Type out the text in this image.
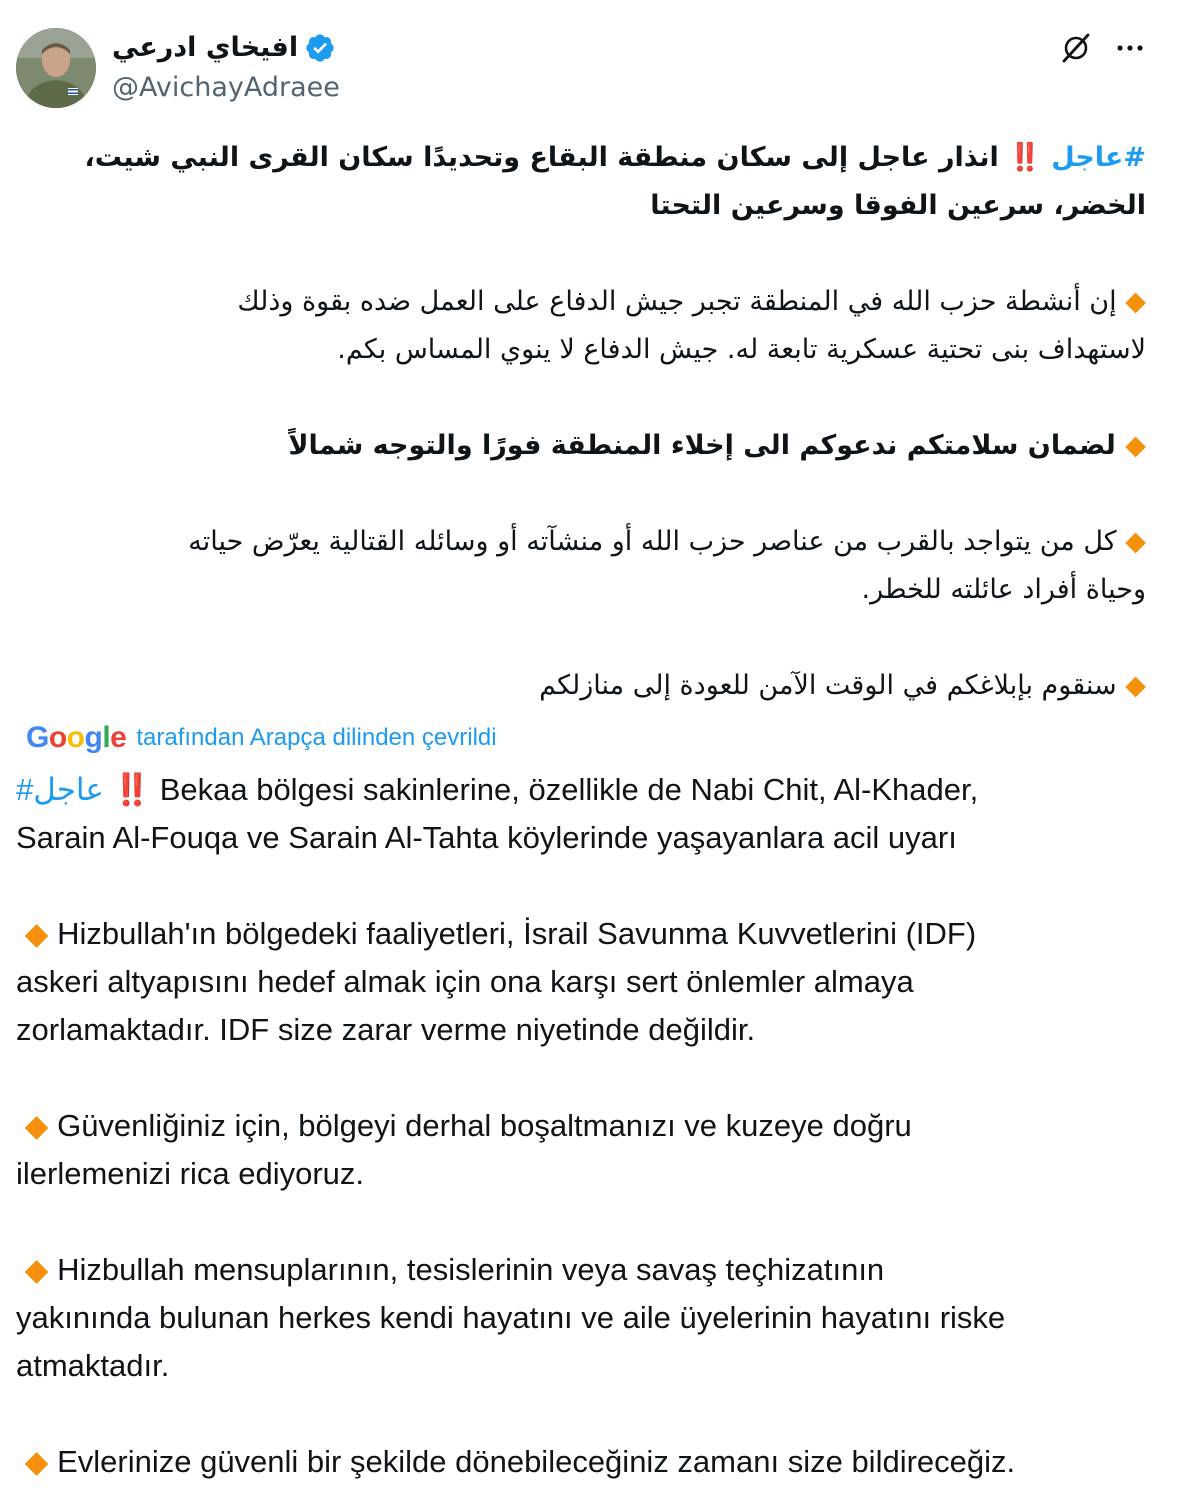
افيخاي ادرعي
@AvichayAdraee
#عاجل ‼️ انذار عاجل إلى سكان منطقة البقاع وتحديدًا سكان القرى النبي شيت،
الخضر، سرعين الفوقا وسرعين التحتا
◆ إن أنشطة حزب الله في المنطقة تجبر جيش الدفاع على العمل ضده بقوة وذلك
لاستهداف بنى تحتية عسكرية تابعة له. جيش الدفاع لا ينوي المساس بكم.
◆ لضمان سلامتكم ندعوكم الى إخلاء المنطقة فورًا والتوجه شمالاً
◆ كل من يتواجد بالقرب من عناصر حزب الله أو منشآته أو وسائله القتالية يعرّض حياته
وحياة أفراد عائلته للخطر.
◆ سنقوم بإبلاغكم في الوقت الآمن للعودة إلى منازلكم
Google tarafından Arapça dilinden çevrildi
#عاجل ‼️ Bekaa bölgesi sakinlerine, özellikle de Nabi Chit, Al-Khader,
Sarain Al-Fouqa ve Sarain Al-Tahta köylerinde yaşayanlara acil uyarı
◆ Hizbullah'ın bölgedeki faaliyetleri, İsrail Savunma Kuvvetlerini (IDF)
askeri altyapısını hedef almak için ona karşı sert önlemler almaya
zorlamaktadır. IDF size zarar verme niyetinde değildir.
◆ Güvenliğiniz için, bölgeyi derhal boşaltmanızı ve kuzeye doğru
ilerlemenizi rica ediyoruz.
◆ Hizbullah mensuplarının, tesislerinin veya savaş teçhizatının
yakınında bulunan herkes kendi hayatını ve aile üyelerinin hayatını riske
atmaktadır.
◆ Evlerinize güvenli bir şekilde dönebileceğiniz zamanı size bildireceğiz.
